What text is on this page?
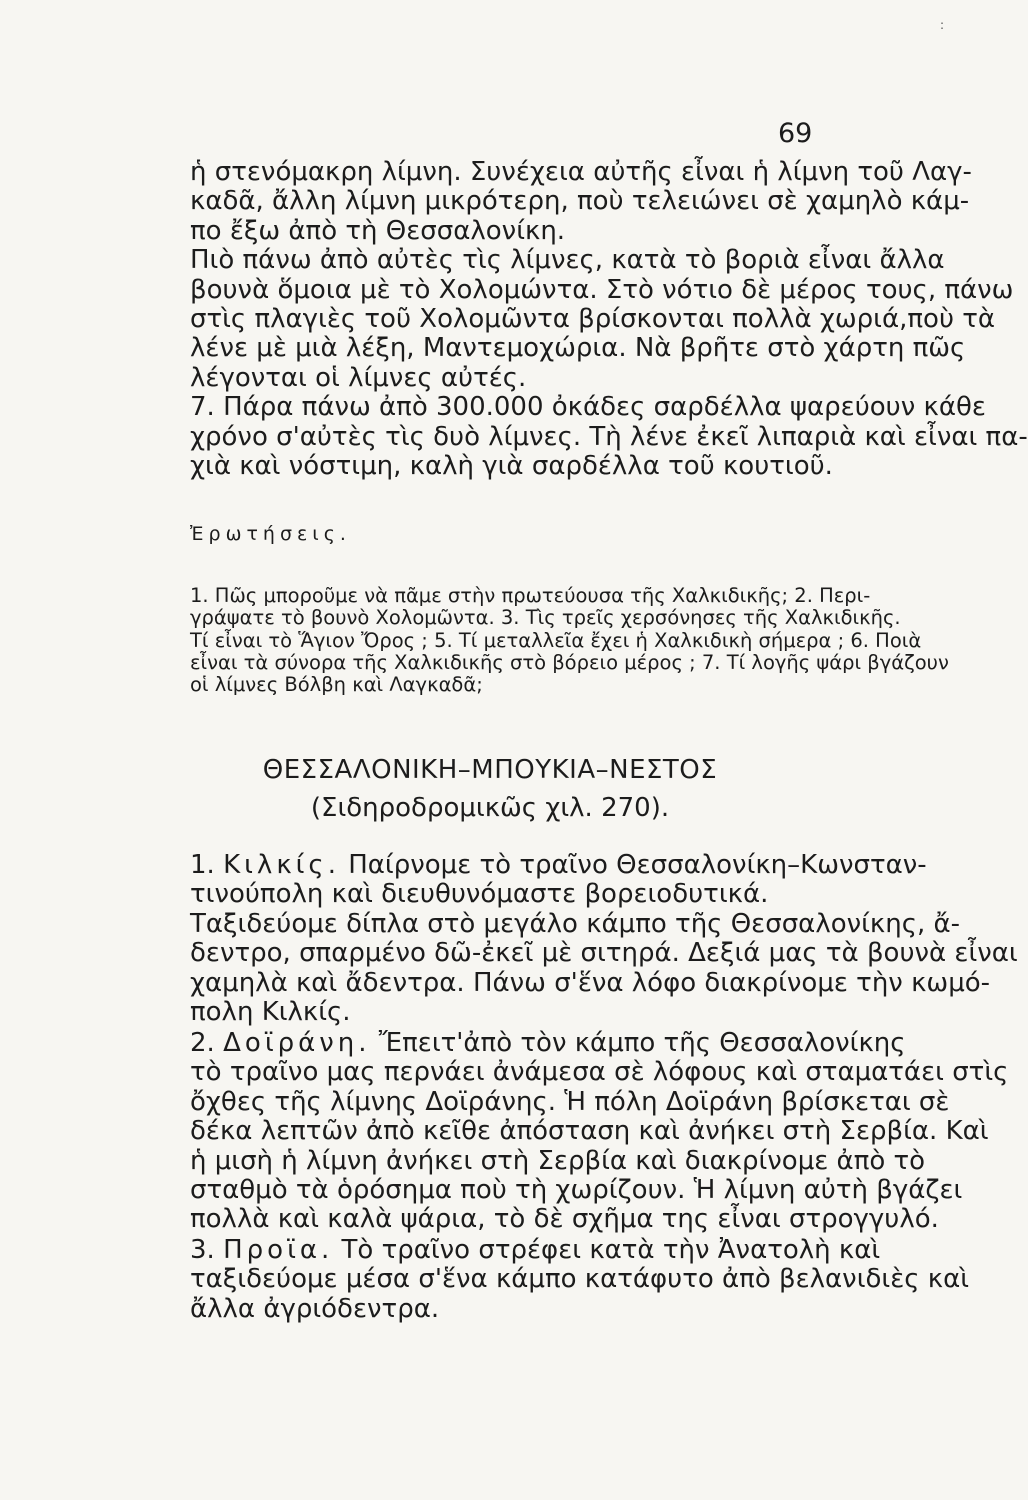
:
69
ἡ στενόμακρη λίμνη. Συνέχεια αὐτῆς εἶναι ἡ λίμνη τοῦ Λαγ-
καδᾶ, ἄλλη λίμνη μικρότερη, ποὺ τελειώνει σὲ χαμηλὸ κάμ-
πο ἔξω ἀπὸ τὴ Θεσσαλονίκη.
Πιὸ πάνω ἀπὸ αὐτὲς τὶς λίμνες, κατὰ τὸ βοριὰ εἶναι ἄλλα
βουνὰ ὅμοια μὲ τὸ Χολομώντα. Στὸ νότιο δὲ μέρος τους, πάνω
στὶς πλαγιὲς τοῦ Χολομῶντα βρίσκονται πολλὰ χωριά,ποὺ τὰ
λένε μὲ μιὰ λέξη, Μαντεμοχώρια. Νὰ βρῆτε στὸ χάρτη πῶς
λέγονται οἱ λίμνες αὐτές.
7. Πάρα πάνω ἀπὸ 300.000 ὀκάδες σαρδέλλα ψαρεύουν κάθε
χρόνο σ'αὐτὲς τὶς δυὸ λίμνες. Τὴ λένε ἐκεῖ λιπαριὰ καὶ εἶναι πα-
χιὰ καὶ νόστιμη, καλὴ γιὰ σαρδέλλα τοῦ κουτιοῦ.
Ἐρωτήσεις.
1. Πῶς μποροῦμε νὰ πᾶμε στὴν πρωτεύουσα τῆς Χαλκιδικῆς; 2. Περι-
γράψατε τὸ βουνὸ Χολομῶντα. 3. Τὶς τρεῖς χερσόνησες τῆς Χαλκιδικῆς.
Τί εἶναι τὸ Ἅγιον Ὄρος ; 5. Τί μεταλλεῖα ἔχει ἡ Χαλκιδικὴ σήμερα ; 6. Ποιὰ
εἶναι τὰ σύνορα τῆς Χαλκιδικῆς στὸ βόρειο μέρος ; 7. Τί λογῆς ψάρι βγάζουν
οἱ λίμνες Βόλβη καὶ Λαγκαδᾶ;
ΘΕΣΣΑΛΟΝΙΚΗ–ΜΠΟΥΚΙΑ–ΝΕΣΤΟΣ
(Σιδηροδρομικῶς χιλ. 270).
1. Κιλκίς. Παίρνομε τὸ τραῖνο Θεσσαλονίκη–Κωνσταν-
τινούπολη καὶ διευθυνόμαστε βορειοδυτικά.
Ταξιδεύομε δίπλα στὸ μεγάλο κάμπο τῆς Θεσσαλονίκης, ἄ-
δεντρο, σπαρμένο δῶ-ἐκεῖ μὲ σιτηρά. Δεξιά μας τὰ βουνὰ εἶναι
χαμηλὰ καὶ ἄδεντρα. Πάνω σ'ἕνα λόφο διακρίνομε τὴν κωμό-
πολη Κιλκίς.
2. Δοϊράνη. Ἔπειτ'ἀπὸ τὸν κάμπο τῆς Θεσσαλονίκης
τὸ τραῖνο μας περνάει ἀνάμεσα σὲ λόφους καὶ σταματάει στὶς
ὄχθες τῆς λίμνης Δοϊράνης. Ἡ πόλη Δοϊράνη βρίσκεται σὲ
δέκα λεπτῶν ἀπὸ κεῖθε ἀπόσταση καὶ ἀνήκει στὴ Σερβία. Καὶ
ἡ μισὴ ἡ λίμνη ἀνήκει στὴ Σερβία καὶ διακρίνομε ἀπὸ τὸ
σταθμὸ τὰ ὁρόσημα ποὺ τὴ χωρίζουν. Ἡ λίμνη αὐτὴ βγάζει
πολλὰ καὶ καλὰ ψάρια, τὸ δὲ σχῆμα της εἶναι στρογγυλό.
3. Προϊα. Τὸ τραῖνο στρέφει κατὰ τὴν Ἀνατολὴ καὶ
ταξιδεύομε μέσα σ'ἕνα κάμπο κατάφυτο ἀπὸ βελανιδιὲς καὶ
ἄλλα ἀγριόδεντρα.
